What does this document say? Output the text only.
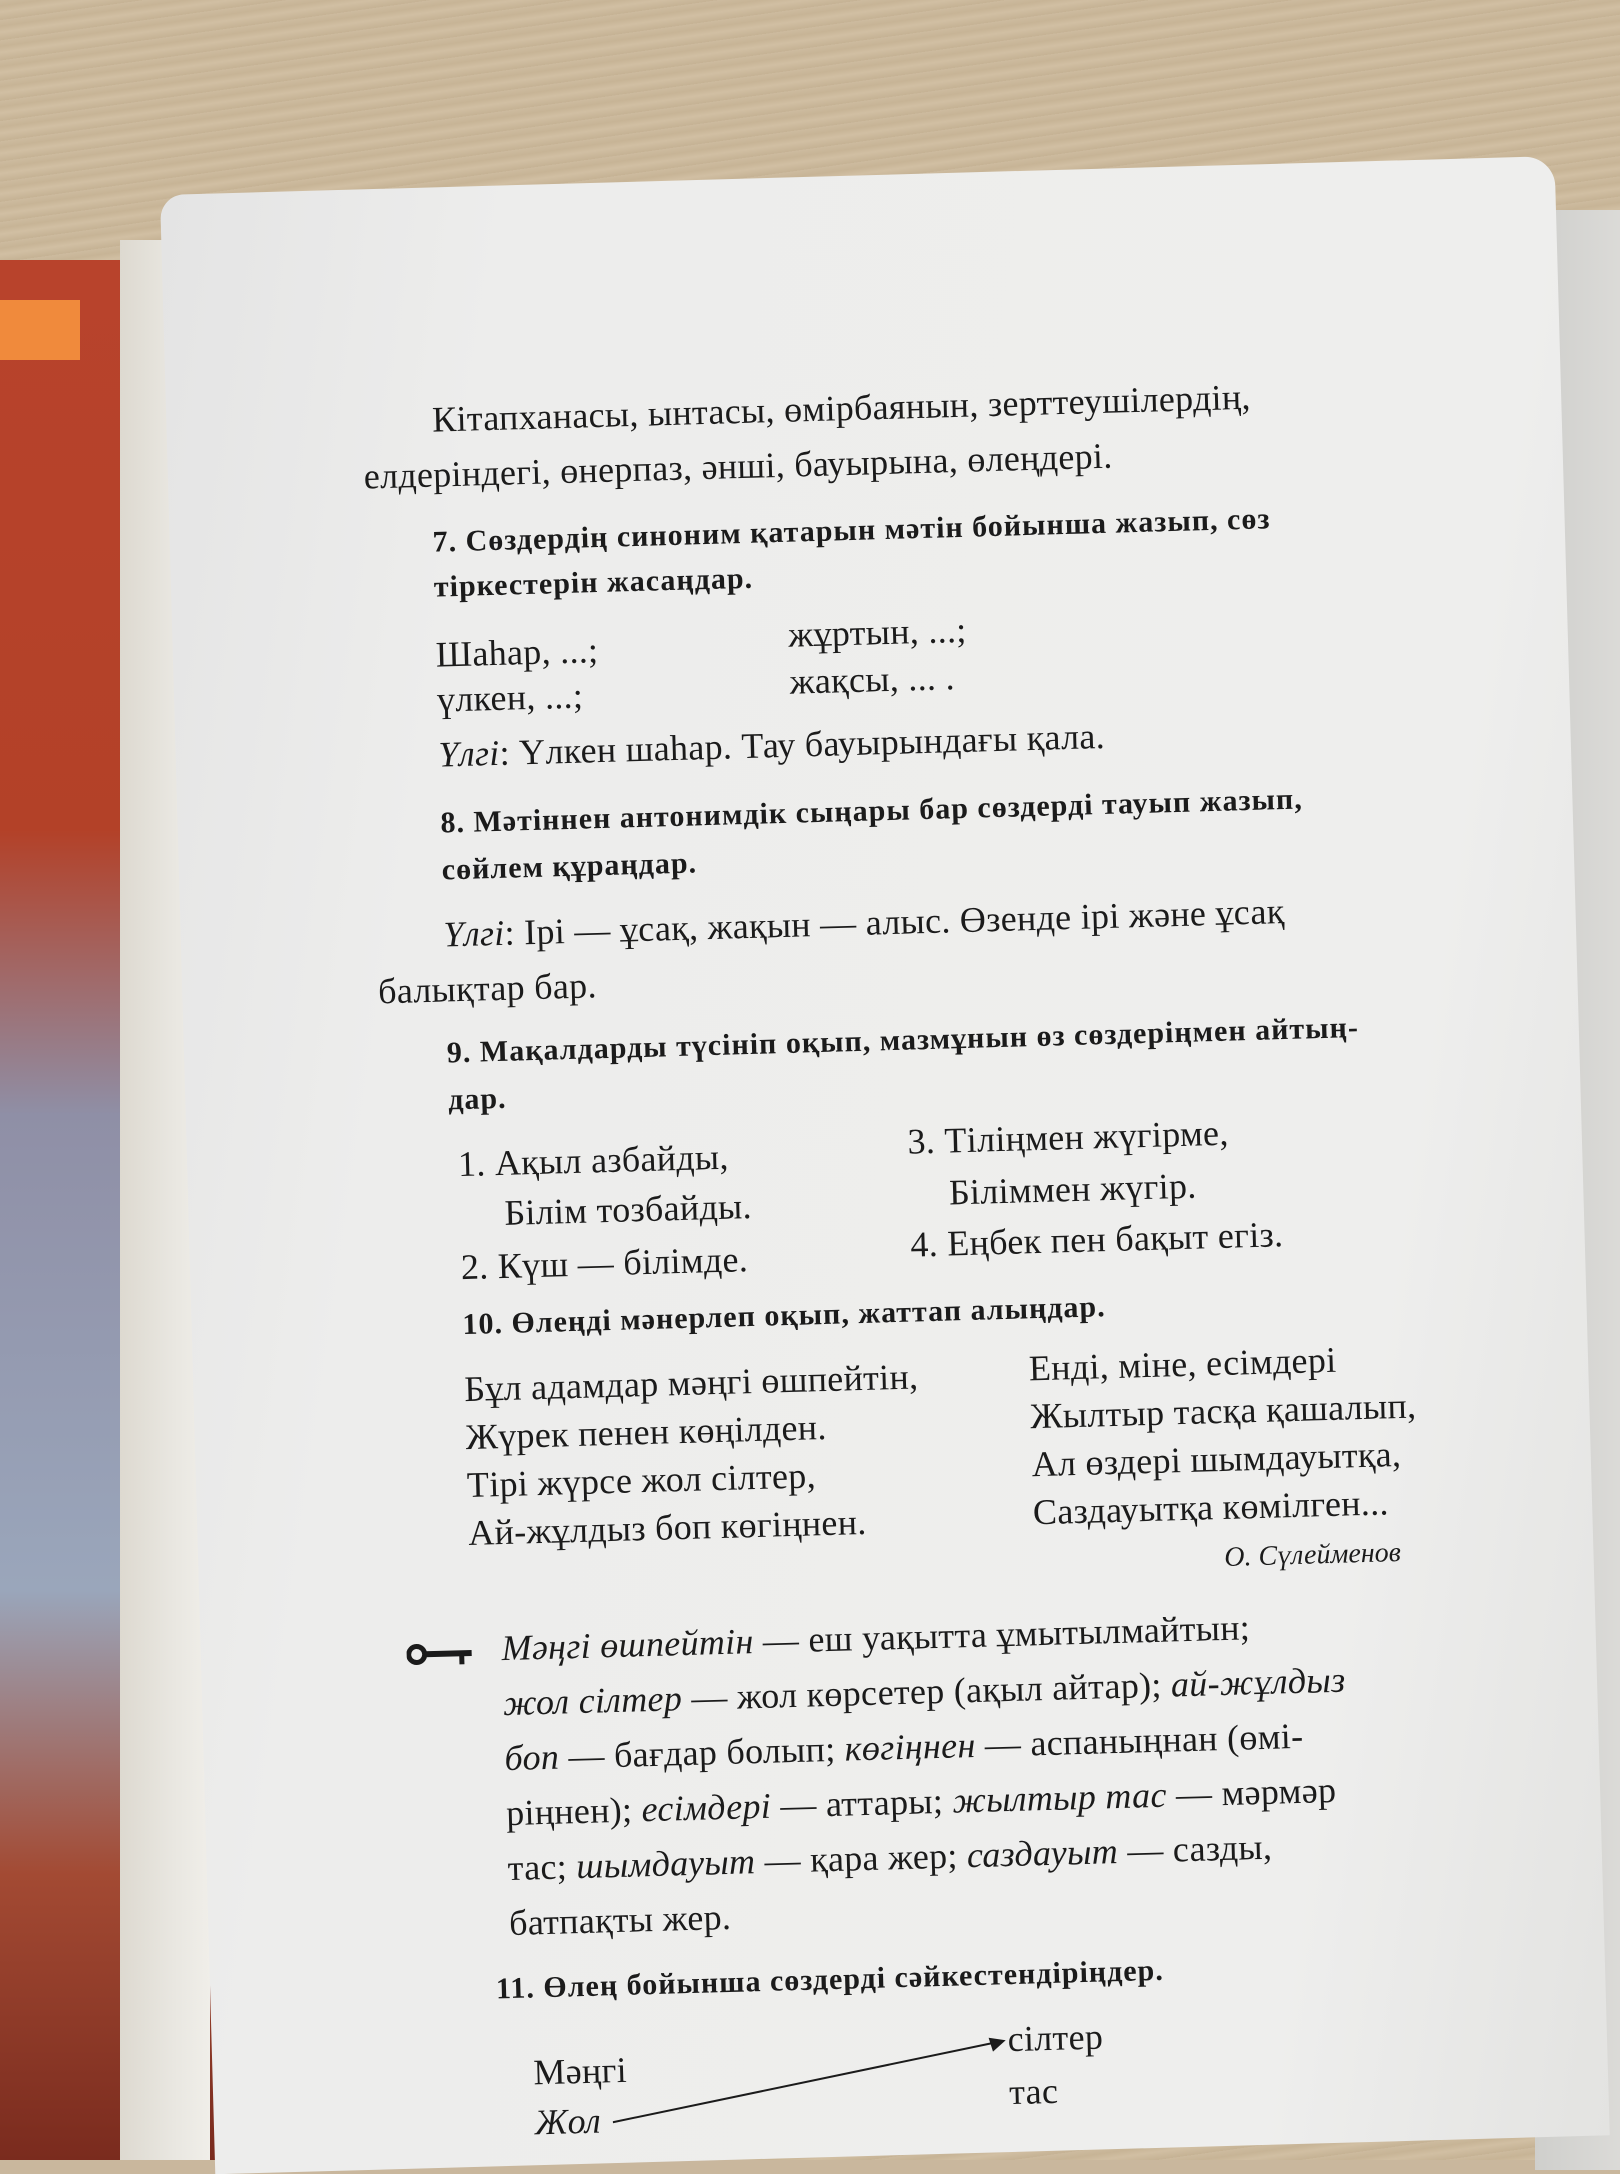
Кітапханасы, ынтасы, өмірбаянын, зерттеушілердің,
елдеріндегі, өнерпаз, әнші, бауырына, өлеңдері.
7. Сөздердің синоним қатарын мәтін бойынша жазып, сөз
тіркестерін жасаңдар.
Шаһар, ...;	жұртын, ...;
үлкен, ...;	жақсы, ... .
Үлгі: Үлкен шаһар. Тау бауырындағы қала.
8. Мәтіннен антонимдік сыңары бар сөздерді тауып жазып,
сөйлем құраңдар.
Үлгі: Ірі — ұсақ, жақын — алыс. Өзенде ірі және ұсақ
балықтар бар.
9. Мақалдарды түсініп оқып, мазмұнын өз сөздеріңмен айтың-
дар.
1. Ақыл азбайды,
Білім тозбайды.
2. Күш — білімде.
3. Тіліңмен жүгірме,
Біліммен жүгір.
4. Еңбек пен бақыт егіз.
10. Өлеңді мәнерлеп оқып, жаттап алыңдар.
Бұл адамдар мәңгі өшпейтін,
Жүрек пенен көңілден.
Тірі жүрсе жол сілтер,
Ай-жұлдыз боп көгіңнен.
Енді, міне, есімдері
Жылтыр тасқа қашалып,
Ал өздері шымдауытқа,
Саздауытқа көмілген...
О. Сүлейменов
Мәңгі өшпейтін — еш уақытта ұмытылмайтын;
жол сілтер — жол көрсетер (ақыл айтар); ай-жұлдыз
боп — бағдар болып; көгіңнен — аспаныңнан (өмі-
ріңнен); есімдері — аттары; жылтыр тас — мәрмәр
тас; шымдауыт — қара жер; саздауыт — сазды,
батпақты жер.
11. Өлең бойынша сөздерді сәйкестендіріңдер.
Мәңгі
Жол
сілтер
тас
